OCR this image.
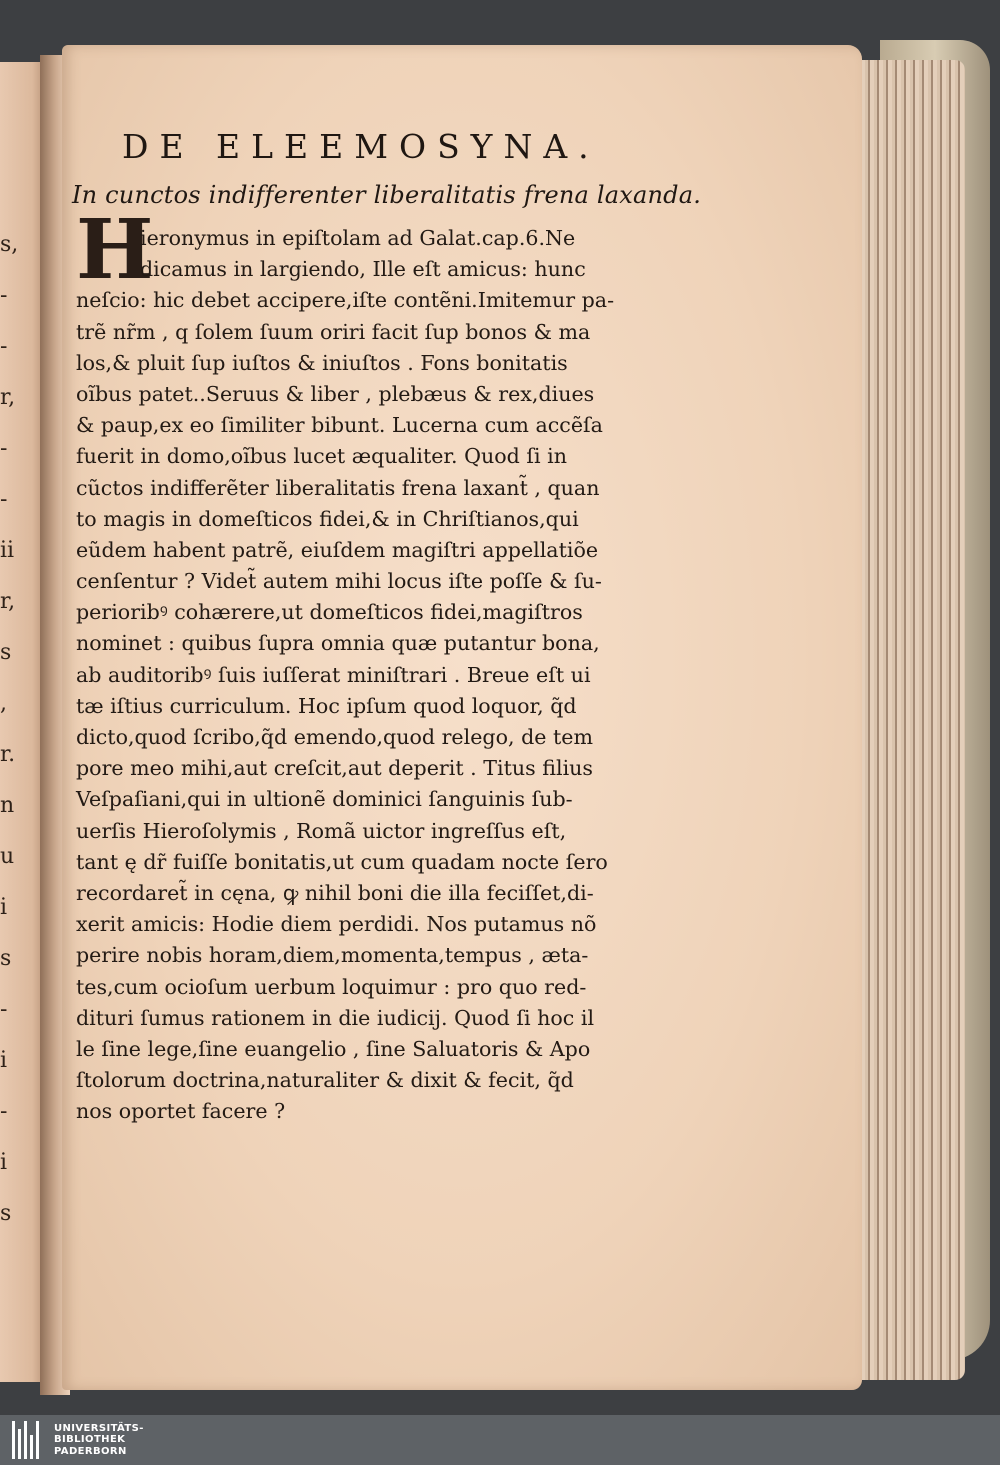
s,
-
-
r,
-
-
ii
r,
s
,
r.
n
u
i
s
-
i
-
i
s
DE ELEEMOSYNA.
In cunctos indifferenter liberalitatis frena laxanda.
H
ieronymus in epiſtolam ad Galat.cap.6.Ne
dicamus in largiendo, Ille eſt amicus: hunc
neſcio: hic debet accipere,iſte contẽni.Imitemur pa-
trẽ nr̃m , q ſolem ſuum oriri facit ſup bonos & ma
los,& pluit ſup iuſtos & iniuſtos . Fons bonitatis
oĩbus patet..Seruus & liber , plebæus & rex,diues
& paup,ex eo ſimiliter bibunt. Lucerna cum accẽſa
fuerit in domo,oĩbus lucet æqualiter. Quod ſi in
cũctos indifferẽter liberalitatis frena laxant̃ , quan
to magis in domeſticos fidei,& in Chriſtianos,qui
eũdem habent patrẽ, eiuſdem magiſtri appellatiõe
cenſentur ? Videt̃ autem mihi locus iſte poſſe & ſu-
perioribꝰ cohærere,ut domeſticos fidei,magiſtros
nominet : quibus ſupra omnia quæ putantur bona,
ab auditoribꝰ ſuis iuſſerat miniſtrari . Breue eſt ui
tæ iſtius curriculum. Hoc ipſum quod loquor, q̃d
dicto,quod ſcribo,q̃d emendo,quod relego, de tem
pore meo mihi,aut creſcit,aut deperit . Titus filius
Veſpaſiani,qui in ultionẽ dominici ſanguinis ſub-
uerſis Hieroſolymis , Romã uictor ingreſſus eſt,
tant ę dr̃ fuiſſe bonitatis,ut cum quadam nocte ſero
recordaret̃ in cęna, ꝙ nihil boni die illa feciſſet,di-
xerit amicis: Hodie diem perdidi. Nos putamus nõ
perire nobis horam,diem,momenta,tempus , æta-
tes,cum ocioſum uerbum loquimur : pro quo red-
dituri ſumus rationem in die iudicij. Quod ſi hoc il
le ſine lege,ſine euangelio , ſine Saluatoris & Apo
ſtolorum doctrina,naturaliter & dixit & fecit, q̃d
nos oportet facere ?
UNIVERSITÄTS-
BIBLIOTHEK
PADERBORN
